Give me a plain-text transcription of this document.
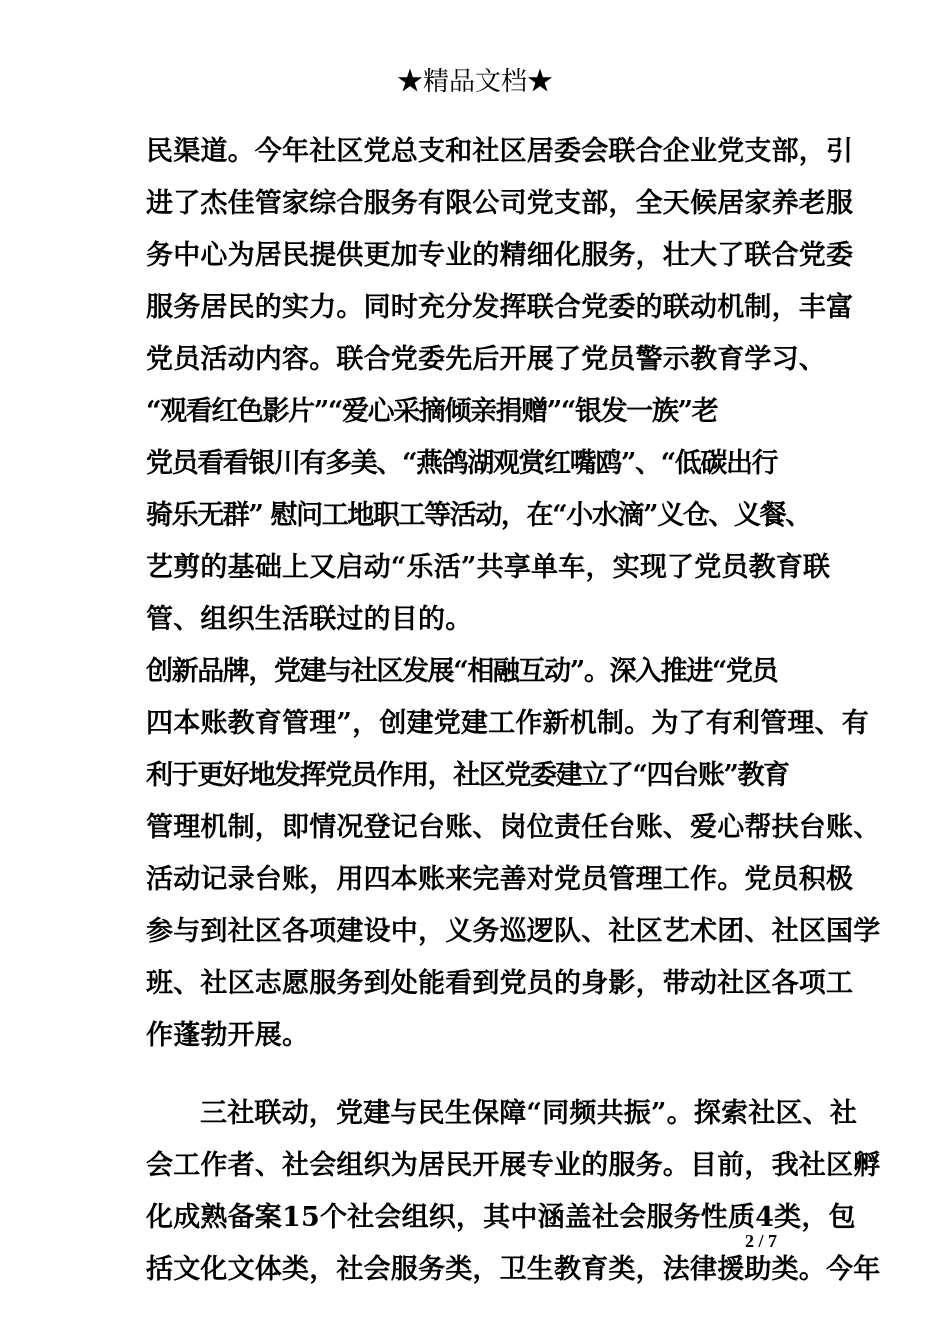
★精品文档★
民渠道。今年社区党总支和社区居委会联合企业党支部，引
进了杰佳管家综合服务有限公司党支部，全天候居家养老服
务中心为居民提供更加专业的精细化服务，壮大了联合党委
服务居民的实力。同时充分发挥联合党委的联动机制，丰富
党员活动内容。联合党委先后开展了党员警示教育学习、
“观看红色影片”“爱心采摘倾亲捐赠”“银发一族”老
党员看看银川有多美、“燕鸽湖观赏红嘴鸥”、“低碳出行
骑乐无群” 慰问工地职工等活动，在“小水滴”义仓、义餐、
艺剪的基础上又启动“乐活”共享单车，实现了党员教育联
管、组织生活联过的目的。
创新品牌，党建与社区发展“相融互动”。深入推进“党员
四本账教育管理”，创建党建工作新机制。为了有利管理、有
利于更好地发挥党员作用，社区党委建立了“四台账”教育
管理机制，即情况登记台账、岗位责任台账、爱心帮扶台账、
活动记录台账，用四本账来完善对党员管理工作。党员积极
参与到社区各项建设中，义务巡逻队、社区艺术团、社区国学
班、社区志愿服务到处能看到党员的身影，带动社区各项工
作蓬勃开展。
三社联动，党建与民生保障“同频共振”。探索社区、社
会工作者、社会组织为居民开展专业的服务。目前，我社区孵
化成熟备案15个社会组织，其中涵盖社会服务性质4类，包
括文化文体类，社会服务类，卫生教育类，法律援助类。今年
2 / 7
